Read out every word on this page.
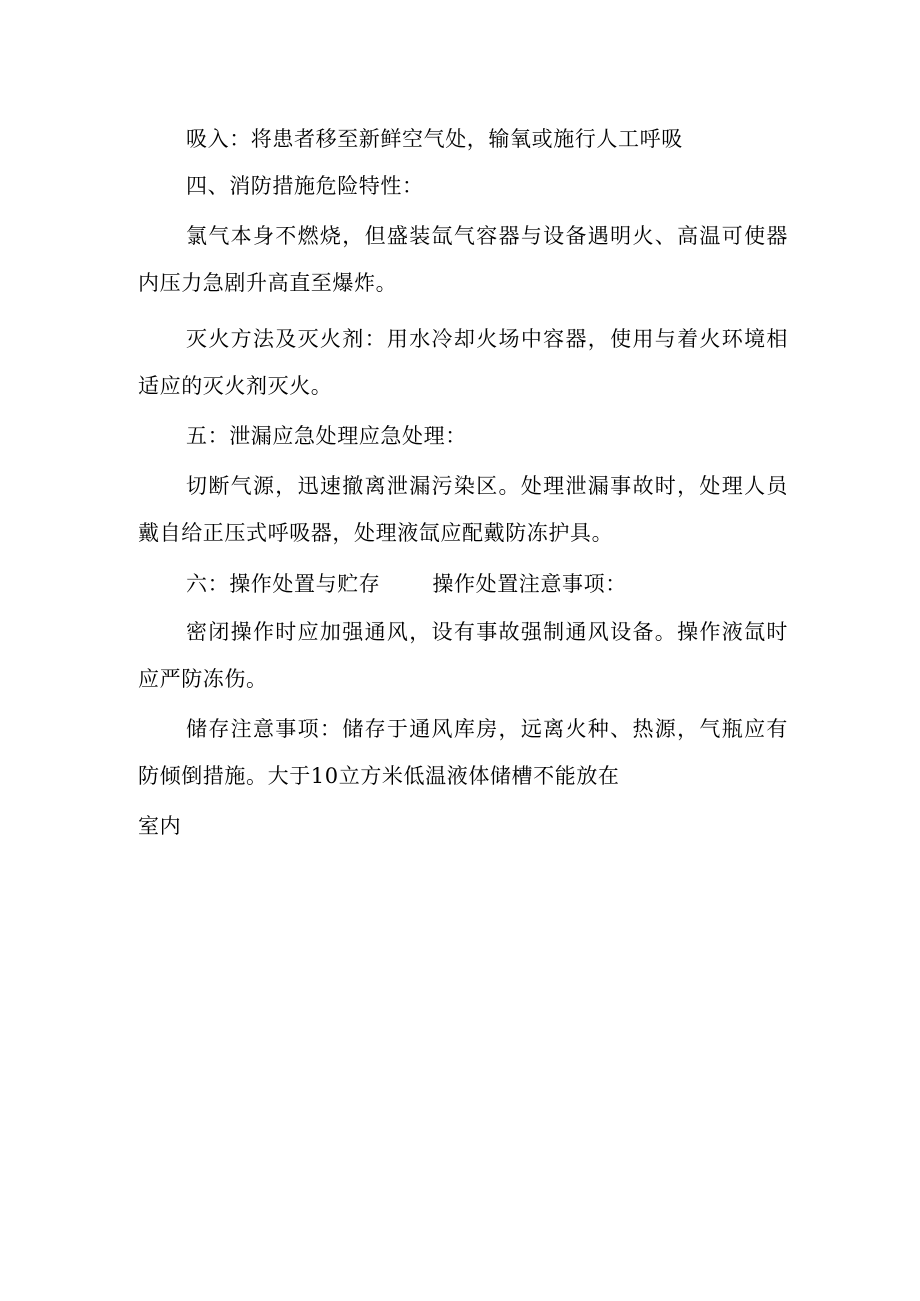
吸入：将患者移至新鲜空气处，输氧或施行人工呼吸

四、消防措施危险特性：

氯气本身不燃烧，但盛装氙气容器与设备遇明火、高温可使器内压力急剧升高直至爆炸。

灭火方法及灭火剂：用水冷却火场中容器，使用与着火环境相适应的灭火剂灭火。

五：泄漏应急处理应急处理：

切断气源，迅速撤离泄漏污染区。处理泄漏事故时，处理人员戴自给正压式呼吸器，处理液氙应配戴防冻护具。

六：操作处置与贮存 操作处置注意事项：

密闭操作时应加强通风，设有事故强制通风设备。操作液氙时应严防冻伤。

储存注意事项：储存于通风库房，远离火种、热源，气瓶应有防倾倒措施。大于10立方米低温液体储槽不能放在

室内
